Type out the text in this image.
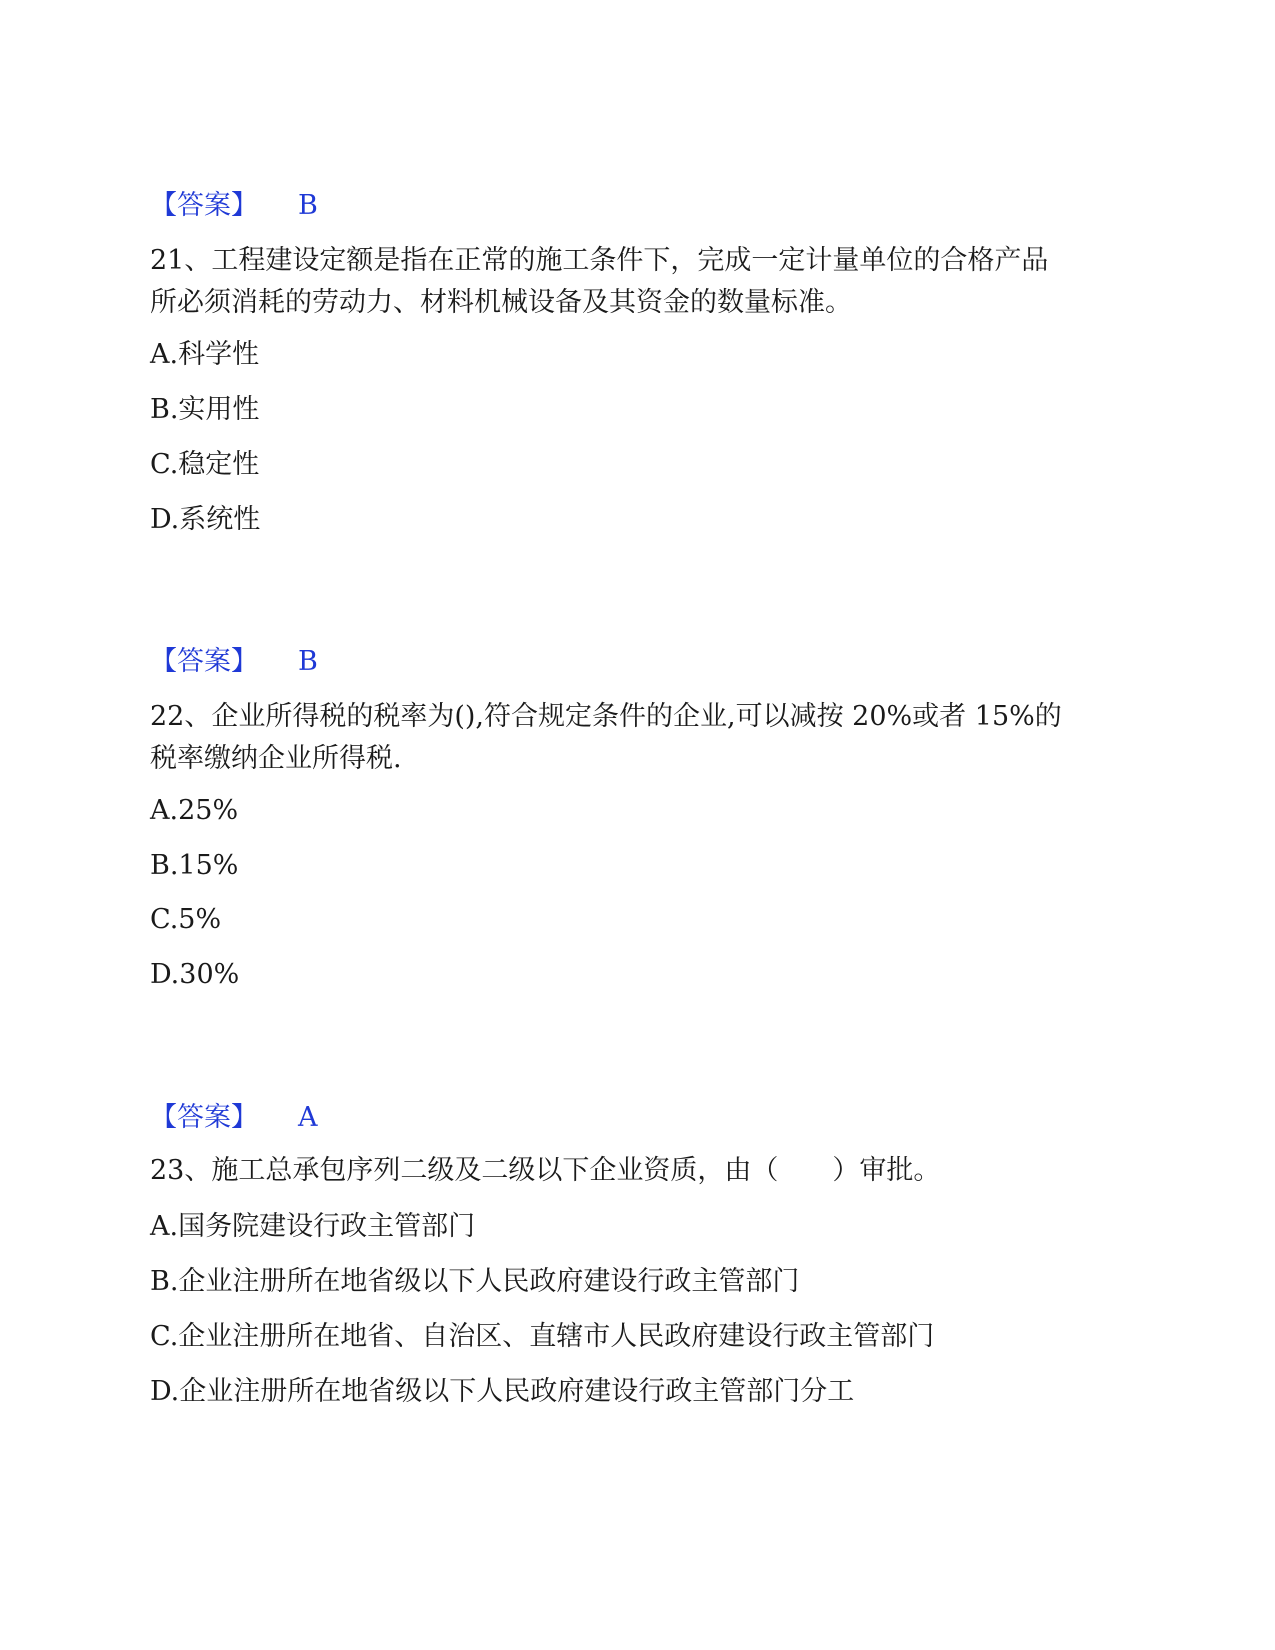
【答案】 B
21、工程建设定额是指在正常的施工条件下，完成一定计量单位的合格产品
所必须消耗的劳动力、材料机械设备及其资金的数量标准。
A.科学性
B.实用性
C.稳定性
D.系统性
【答案】 B
22、企业所得税的税率为(),符合规定条件的企业,可以减按 20%或者 15%的
税率缴纳企业所得税.
A.25%
B.15%
C.5%
D.30%
【答案】 A
23、施工总承包序列二级及二级以下企业资质，由（　　）审批。
A.国务院建设行政主管部门
B.企业注册所在地省级以下人民政府建设行政主管部门
C.企业注册所在地省、自治区、直辖市人民政府建设行政主管部门
D.企业注册所在地省级以下人民政府建设行政主管部门分工
